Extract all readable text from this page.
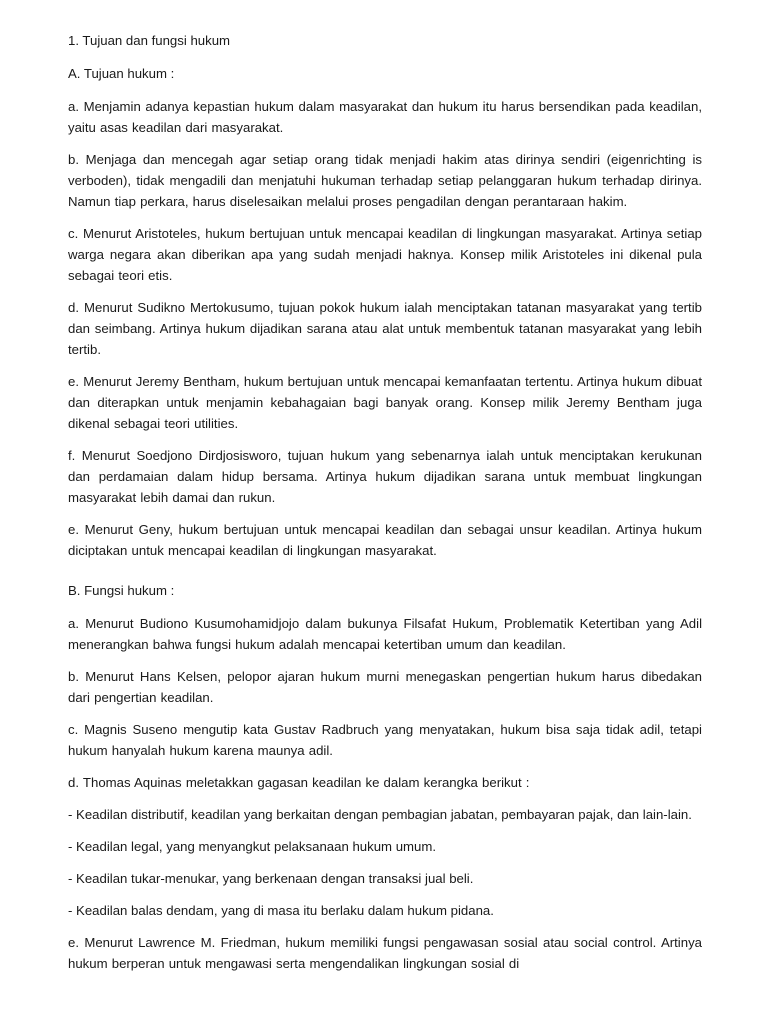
1. Tujuan dan fungsi hukum
A. Tujuan hukum :

a. Menjamin adanya kepastian hukum dalam masyarakat dan hukum itu harus bersendikan pada keadilan, yaitu asas keadilan dari masyarakat.

b. Menjaga dan mencegah agar setiap orang tidak menjadi hakim atas dirinya sendiri (eigenrichting is verboden), tidak mengadili dan menjatuhi hukuman terhadap setiap pelanggaran hukum terhadap dirinya. Namun tiap perkara, harus diselesaikan melalui proses pengadilan dengan perantaraan hakim.

c. Menurut Aristoteles, hukum bertujuan untuk mencapai keadilan di lingkungan masyarakat. Artinya setiap warga negara akan diberikan apa yang sudah menjadi haknya. Konsep milik Aristoteles ini dikenal pula sebagai teori etis.

d. Menurut Sudikno Mertokusumo, tujuan pokok hukum ialah menciptakan tatanan masyarakat yang tertib dan seimbang. Artinya hukum dijadikan sarana atau alat untuk membentuk tatanan masyarakat yang lebih tertib.

e. Menurut Jeremy Bentham, hukum bertujuan untuk mencapai kemanfaatan tertentu. Artinya hukum dibuat dan diterapkan untuk menjamin kebahagaian bagi banyak orang. Konsep milik Jeremy Bentham juga dikenal sebagai teori utilities.

f. Menurut Soedjono Dirdjosisworo, tujuan hukum yang sebenarnya ialah untuk menciptakan kerukunan dan perdamaian dalam hidup bersama. Artinya hukum dijadikan sarana untuk membuat lingkungan masyarakat lebih damai dan rukun.

e. Menurut Geny, hukum bertujuan untuk mencapai keadilan dan sebagai unsur keadilan. Artinya hukum diciptakan untuk mencapai keadilan di lingkungan masyarakat.

B. Fungsi hukum :

a. Menurut Budiono Kusumohamidjojo dalam bukunya Filsafat Hukum, Problematik Ketertiban yang Adil menerangkan bahwa fungsi hukum adalah mencapai ketertiban umum dan keadilan.

b. Menurut Hans Kelsen, pelopor ajaran hukum murni menegaskan pengertian hukum harus dibedakan dari pengertian keadilan.

c. Magnis Suseno mengutip kata Gustav Radbruch yang menyatakan, hukum bisa saja tidak adil, tetapi hukum hanyalah hukum karena maunya adil.

d. Thomas Aquinas meletakkan gagasan keadilan ke dalam kerangka berikut :

- Keadilan distributif, keadilan yang berkaitan dengan pembagian jabatan, pembayaran pajak, dan lain-lain.

- Keadilan legal, yang menyangkut pelaksanaan hukum umum.

- Keadilan tukar-menukar, yang berkenaan dengan transaksi jual beli.

- Keadilan balas dendam, yang di masa itu berlaku dalam hukum pidana.

e. Menurut Lawrence M. Friedman, hukum memiliki fungsi pengawasan sosial atau social control. Artinya hukum berperan untuk mengawasi serta mengendalikan lingkungan sosial di
